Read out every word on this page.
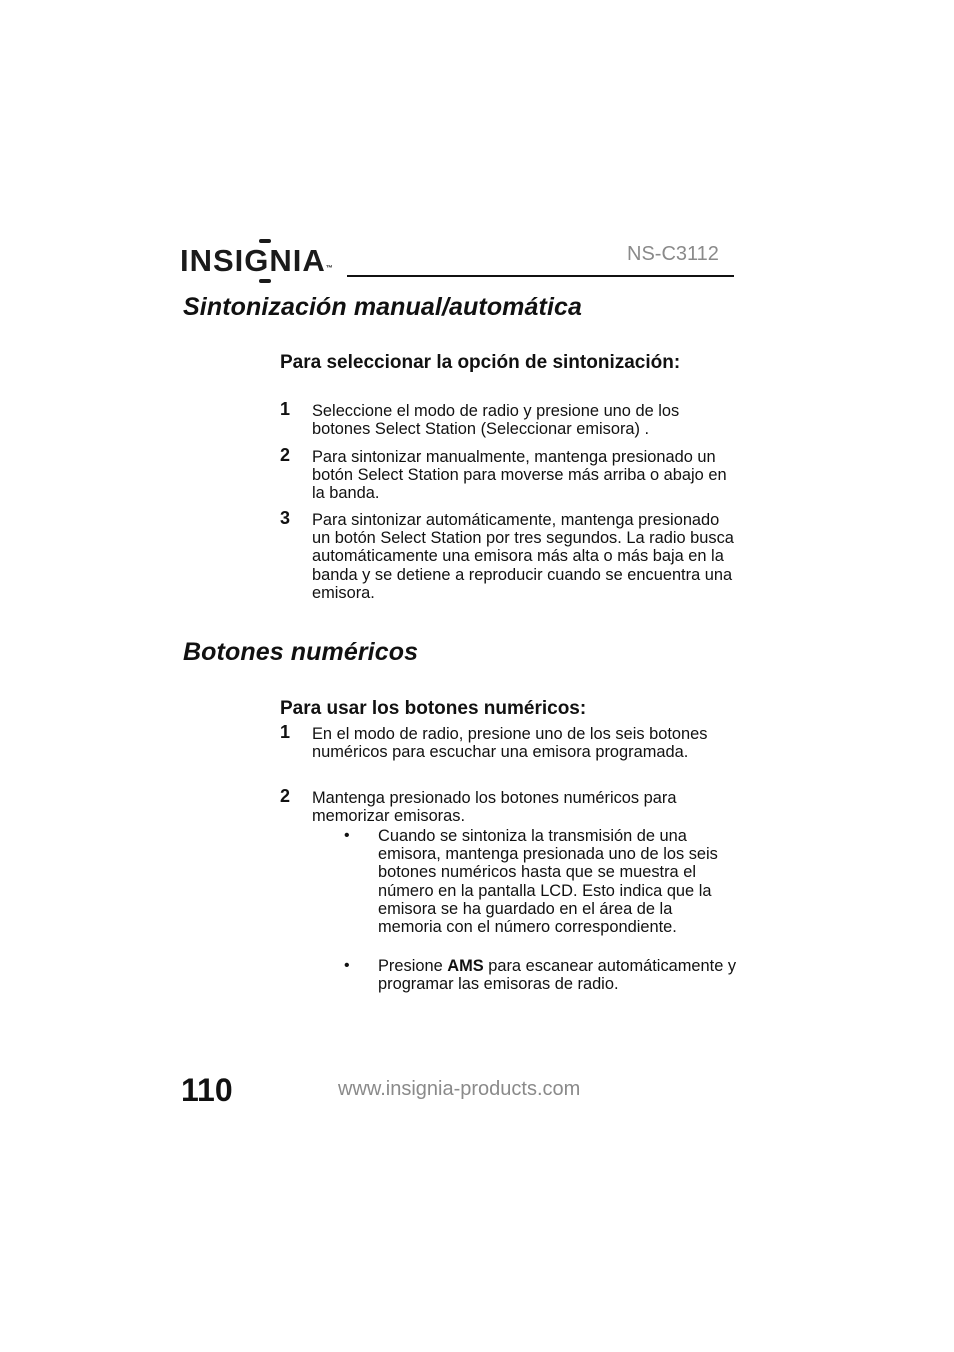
INSIGNIA™
NS-C3112
Sintonización manual/automática
Para seleccionar la opción de sintonización:
1 Seleccione el modo de radio y presione uno de los botones Select Station (Seleccionar emisora) .
2 Para sintonizar manualmente, mantenga presionado un botón Select Station para moverse más arriba o abajo en la banda.
3 Para sintonizar automáticamente, mantenga presionado un botón Select Station por tres segundos. La radio busca automáticamente una emisora más alta o más baja en la banda y se detiene a reproducir cuando se encuentra una emisora.
Botones numéricos
Para usar los botones numéricos:
1 En el modo de radio, presione uno de los seis botones numéricos para escuchar una emisora programada.
2 Mantenga presionado los botones numéricos para memorizar emisoras.
• Cuando se sintoniza la transmisión de una emisora, mantenga presionada uno de los seis botones numéricos hasta que se muestra el número en la pantalla LCD. Esto indica que la emisora se ha guardado en el área de la memoria con el número correspondiente.
• Presione AMS para escanear automáticamente y programar las emisoras de radio.
110	www.insignia-products.com
